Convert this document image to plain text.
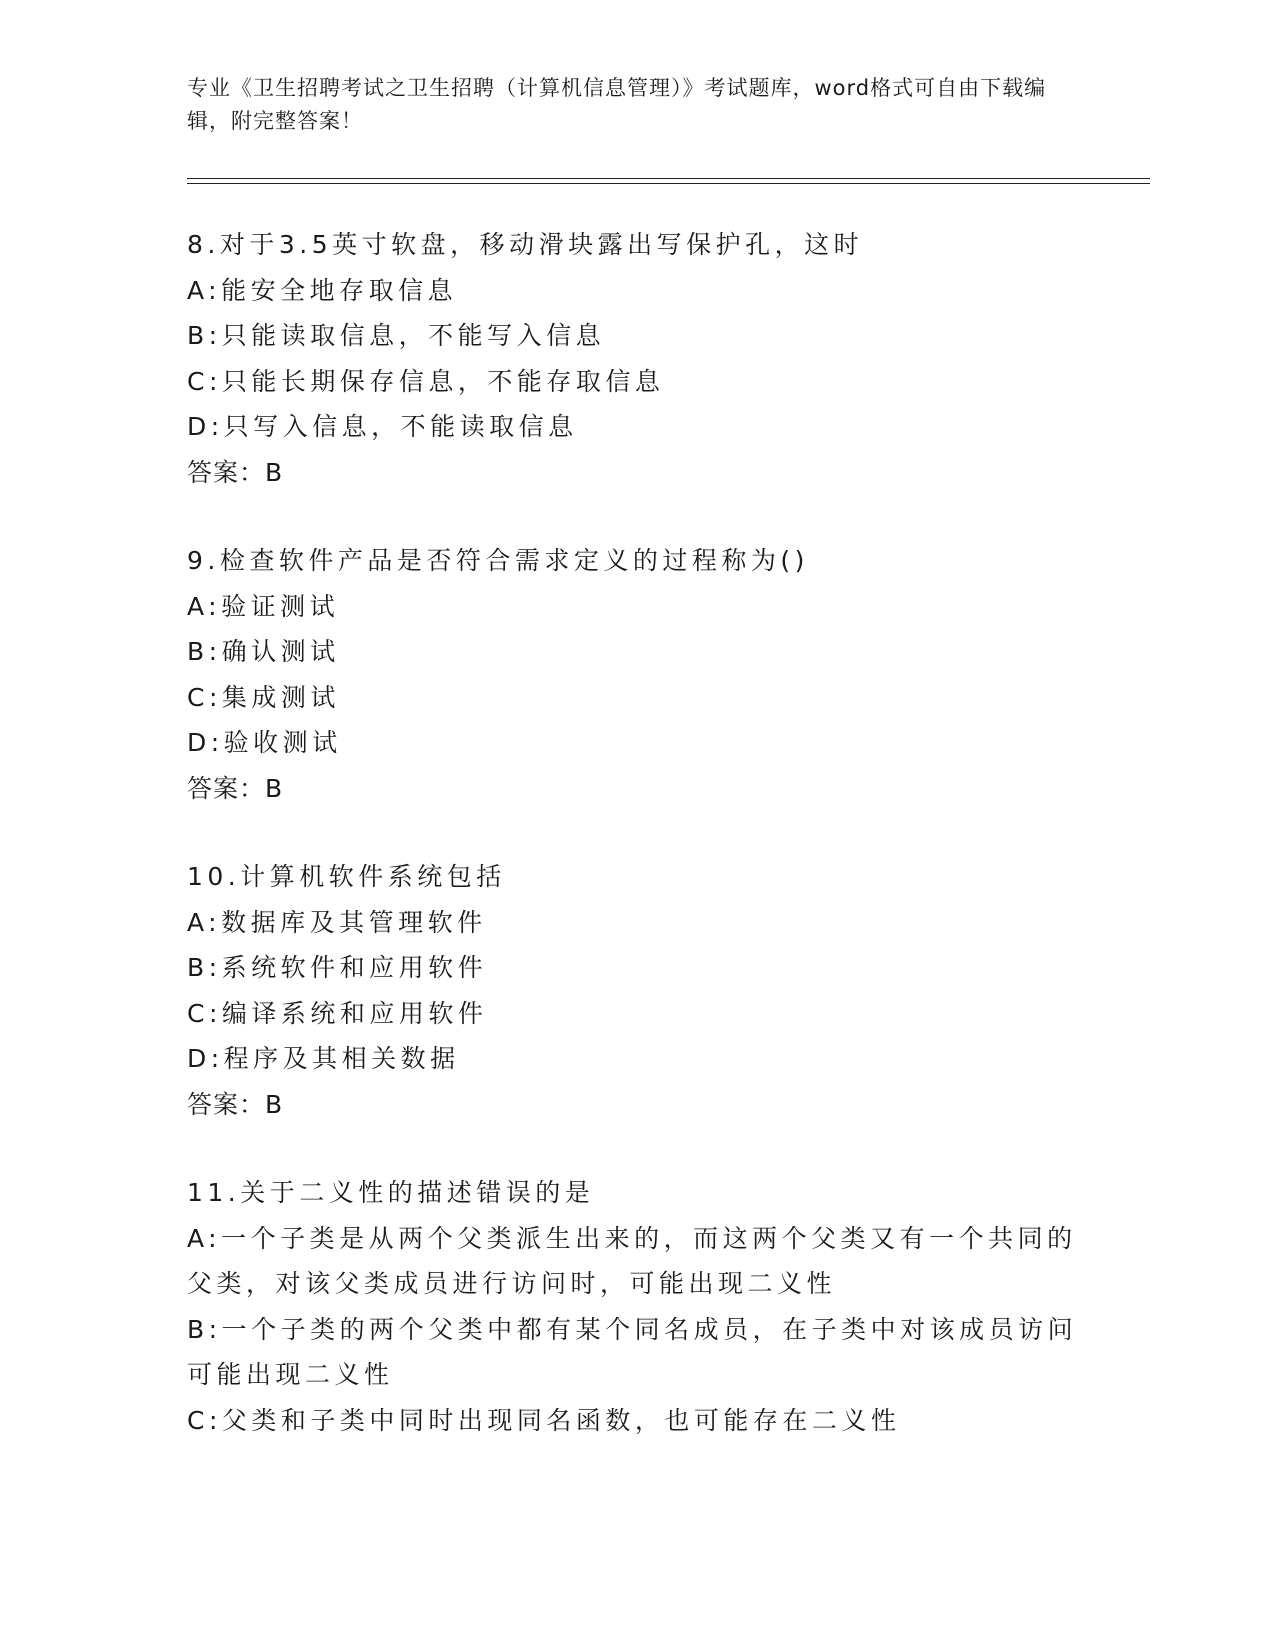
专业《卫生招聘考试之卫生招聘（计算机信息管理）》考试题库，word格式可自由下载编辑，附完整答案！
8.对于3.5英寸软盘，移动滑块露出写保护孔，这时
A:能安全地存取信息
B:只能读取信息，不能写入信息
C:只能长期保存信息，不能存取信息
D:只写入信息，不能读取信息
答案：B
9.检查软件产品是否符合需求定义的过程称为()
A:验证测试
B:确认测试
C:集成测试
D:验收测试
答案：B
10.计算机软件系统包括
A:数据库及其管理软件
B:系统软件和应用软件
C:编译系统和应用软件
D:程序及其相关数据
答案：B
11.关于二义性的描述错误的是
A:一个子类是从两个父类派生出来的，而这两个父类又有一个共同的父类，对该父类成员进行访问时，可能出现二义性
B:一个子类的两个父类中都有某个同名成员，在子类中对该成员访问可能出现二义性
C:父类和子类中同时出现同名函数，也可能存在二义性
